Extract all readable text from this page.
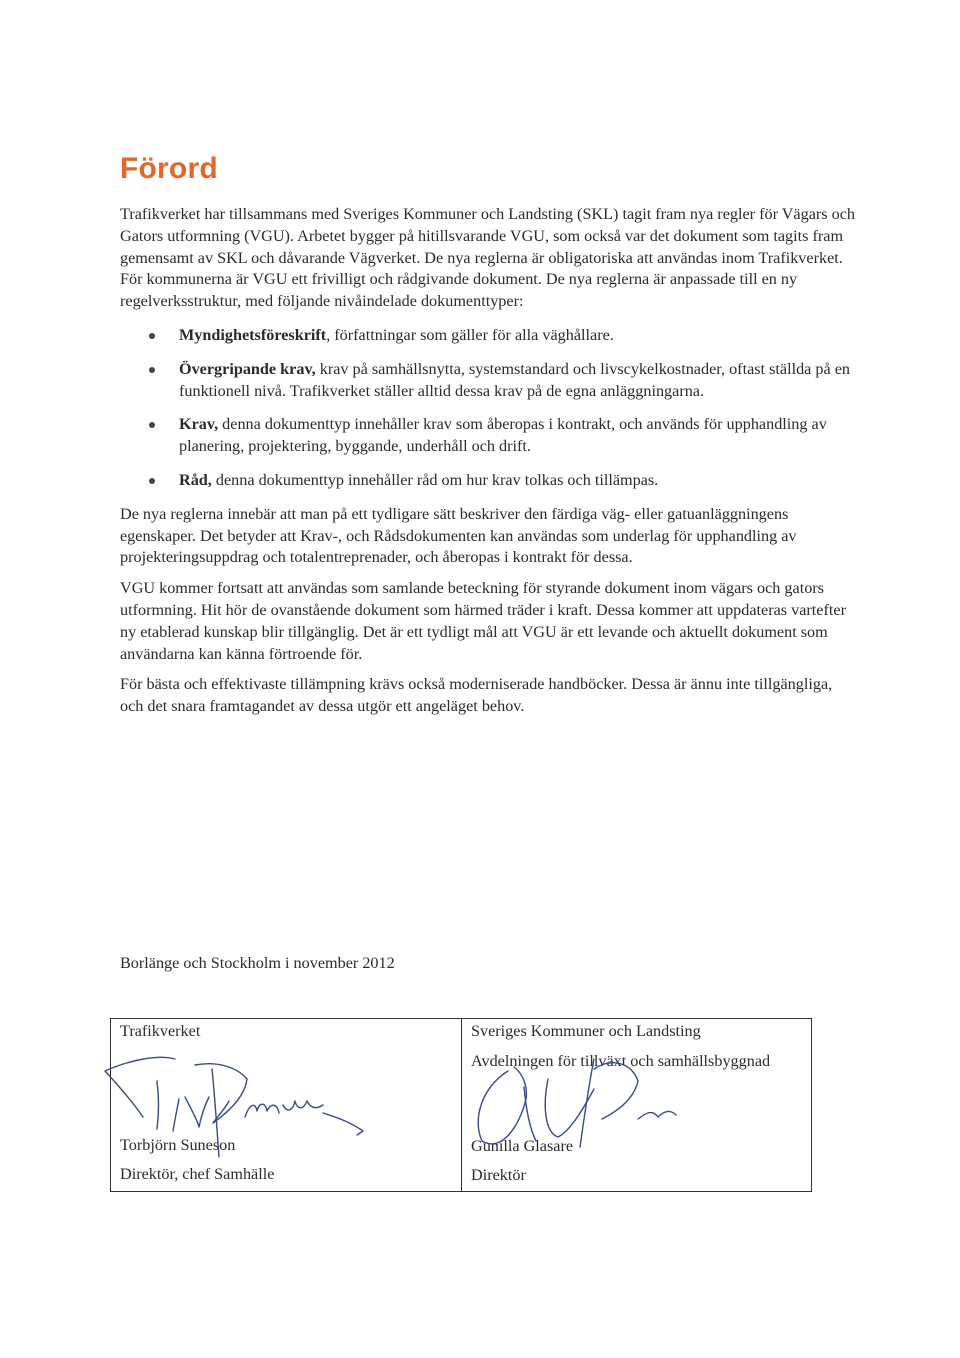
Förord

Trafikverket har tillsammans med Sveriges Kommuner och Landsting (SKL) tagit fram nya regler för Vägars och Gators utformning (VGU). Arbetet bygger på hitillsvarande VGU, som också var det dokument som tagits fram gemensamt av SKL och dåvarande Vägverket. De nya reglerna är obligatoriska att användas inom Trafikverket. För kommunerna är VGU ett frivilligt och rådgivande dokument. De nya reglerna är anpassade till en ny regelverksstruktur, med följande nivåindelade dokumenttyper:

Myndighetsföreskrift, författningar som gäller för alla väghållare.
Övergripande krav, krav på samhällsnytta, systemstandard och livscykelkostnader, oftast ställda på en funktionell nivå. Trafikverket ställer alltid dessa krav på de egna anläggningarna.
Krav, denna dokumenttyp innehåller krav som åberopas i kontrakt, och används för upphandling av planering, projektering, byggande, underhåll och drift.
Råd, denna dokumenttyp innehåller råd om hur krav tolkas och tillämpas.

De nya reglerna innebär att man på ett tydligare sätt beskriver den färdiga väg- eller gatuanläggningens egenskaper. Det betyder att Krav-, och Rådsdokumenten kan användas som underlag för upphandling av projekteringsuppdrag och totalentreprenader, och åberopas i kontrakt för dessa.

VGU kommer fortsatt att användas som samlande beteckning för styrande dokument inom vägars och gators utformning. Hit hör de ovanstående dokument som härmed träder i kraft. Dessa kommer att uppdateras vartefter ny etablerad kunskap blir tillgänglig. Det är ett tydligt mål att VGU är ett levande och aktuellt dokument som användarna kan känna förtroende för.

För bästa och effektivaste tillämpning krävs också moderniserade handböcker. Dessa är ännu inte tillgängliga, och det snara framtagandet av dessa utgör ett angeläget behov.

Borlänge och Stockholm i november 2012
Trafikverket
Torbjörn Suneson
Direktör, chef Samhälle
Sveriges Kommuner och Landsting
Avdelningen för tillväxt och samhällsbyggnad
Gunilla Glasare
Direktör
